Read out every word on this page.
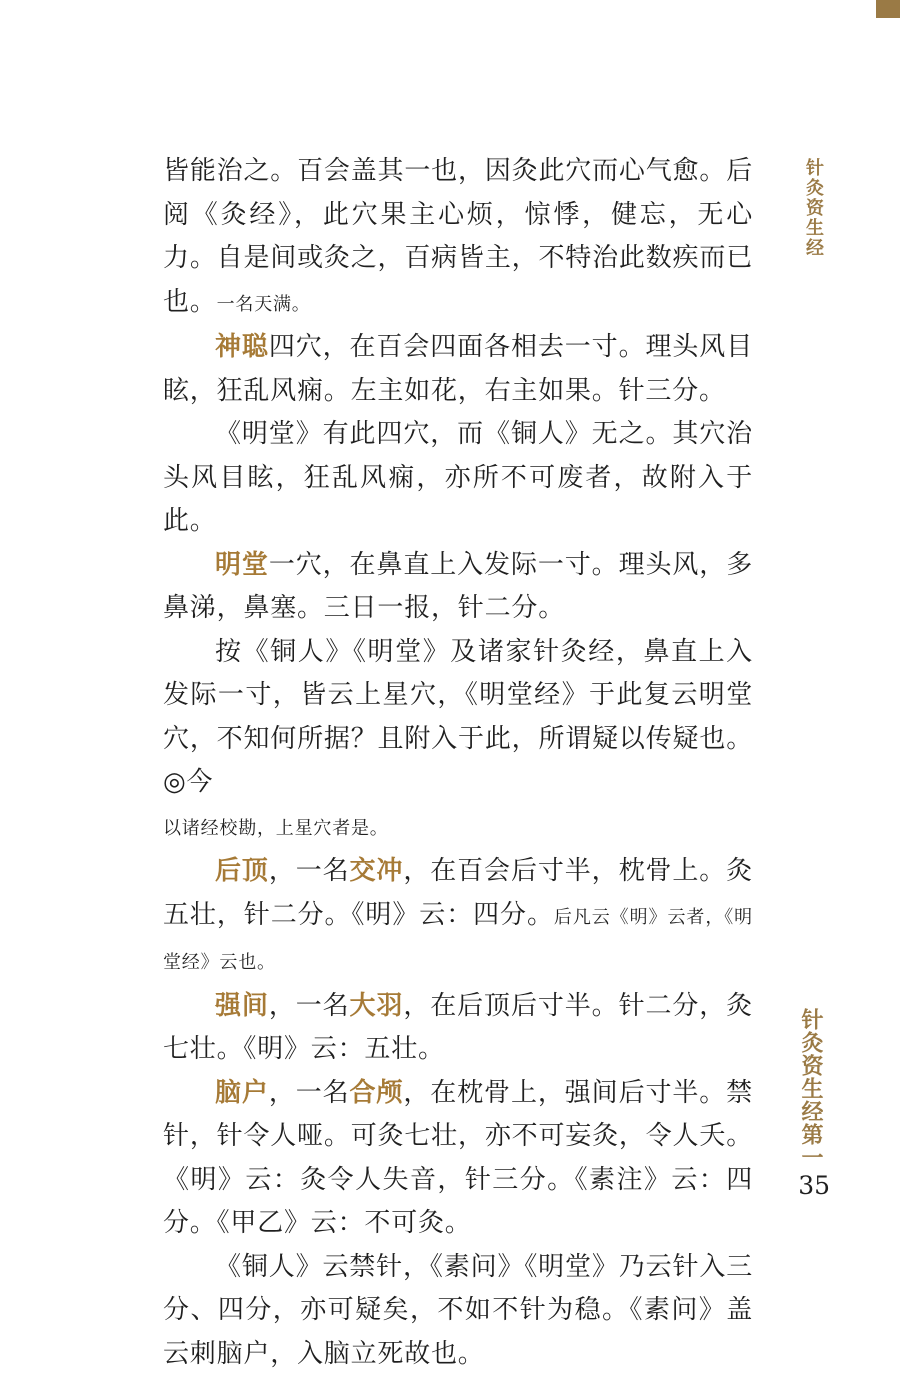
针灸资生经
针灸资生经第一
35

皆能治之。百会盖其一也，因灸此穴而心气愈。后阅《灸经》，此穴果主心烦，惊悸，健忘，无心力。自是间或灸之，百病皆主，不特治此数疾而已也。一名天满。

神聪四穴，在百会四面各相去一寸。理头风目眩，狂乱风痫。左主如花，右主如果。针三分。

《明堂》有此四穴，而《铜人》无之。其穴治头风目眩，狂乱风痫，亦所不可废者，故附入于此。

明堂一穴，在鼻直上入发际一寸。理头风，多鼻涕，鼻塞。三日一报，针二分。

按《铜人》《明堂》及诸家针灸经，鼻直上入发际一寸，皆云上星穴，《明堂经》于此复云明堂穴，不知何所据？且附入于此，所谓疑以传疑也。◎今
以诸经校勘，上星穴者是。

后顶，一名交冲，在百会后寸半，枕骨上。灸五壮，针二分。《明》云：四分。后凡云《明》云者，《明堂经》云也。

强间，一名大羽，在后顶后寸半。针二分，灸七壮。《明》云：五壮。

脑户，一名合颅，在枕骨上，强间后寸半。禁针，针令人哑。可灸七壮，亦不可妄灸，令人夭。《明》云：灸令人失音，针三分。《素注》云：四分。《甲乙》云：不可灸。

《铜人》云禁针，《素问》《明堂》乃云针入三分、四分，亦可疑矣，不如不针为稳。《素问》盖云刺脑户，入脑立死故也。
